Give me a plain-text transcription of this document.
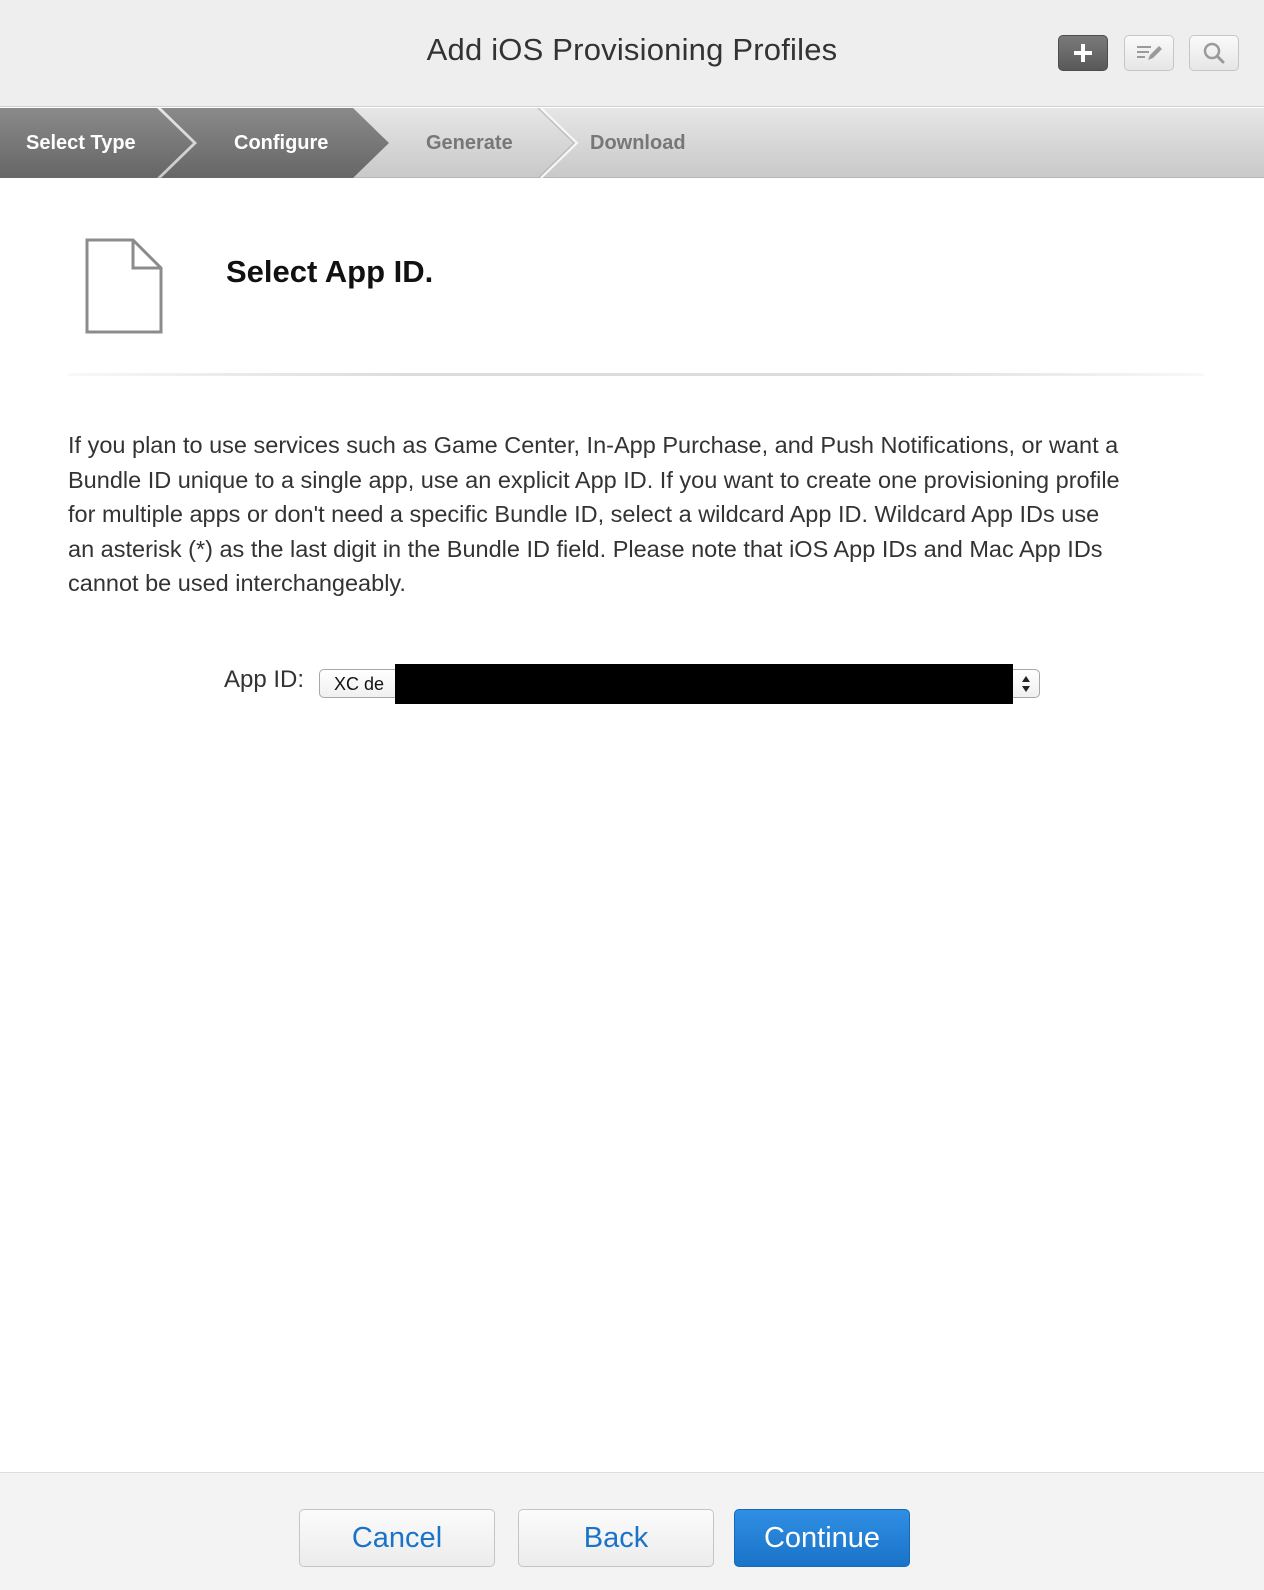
Add iOS Provisioning Profiles
Select Type	Configure	Generate	Download
Select App ID.
If you plan to use services such as Game Center, In-App Purchase, and Push Notifications, or want a Bundle ID unique to a single app, use an explicit App ID. If you want to create one provisioning profile for multiple apps or don't need a specific Bundle ID, select a wildcard App ID. Wildcard App IDs use an asterisk (*) as the last digit in the Bundle ID field. Please note that iOS App IDs and Mac App IDs cannot be used interchangeably.
App ID: XC de
Cancel	Back	Continue
